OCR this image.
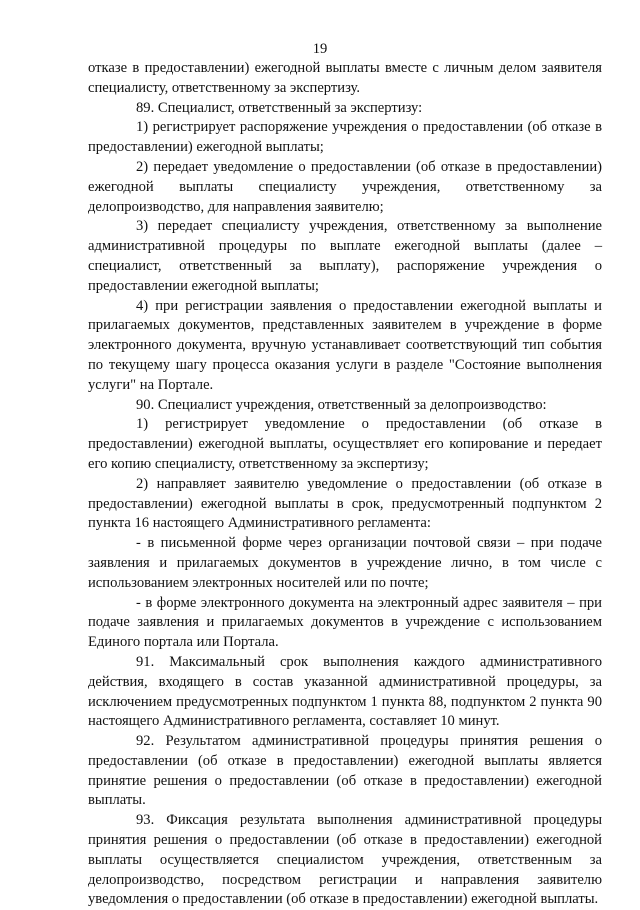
19

отказе в предоставлении) ежегодной выплаты вместе с личным делом заявителя специалисту, ответственному за экспертизу.

89. Специалист, ответственный за экспертизу:

1) регистрирует распоряжение учреждения о предоставлении (об отказе в предоставлении) ежегодной выплаты;

2) передает уведомление о предоставлении (об отказе в предоставлении) ежегодной выплаты специалисту учреждения, ответственному за делопроизводство, для направления заявителю;

3) передает специалисту учреждения, ответственному за выполнение административной процедуры по выплате ежегодной выплаты (далее – специалист, ответственный за выплату), распоряжение учреждения о предоставлении ежегодной выплаты;

4) при регистрации заявления о предоставлении ежегодной выплаты и прилагаемых документов, представленных заявителем в учреждение в форме электронного документа, вручную устанавливает соответствующий тип события по текущему шагу процесса оказания услуги в разделе "Состояние выполнения услуги" на Портале.

90. Специалист учреждения, ответственный за делопроизводство:

1) регистрирует уведомление о предоставлении (об отказе в предоставлении) ежегодной выплаты, осуществляет его копирование и передает его копию специалисту, ответственному за экспертизу;

2) направляет заявителю уведомление о предоставлении (об отказе в предоставлении) ежегодной выплаты в срок, предусмотренный подпунктом 2 пункта 16 настоящего Административного регламента:

- в письменной форме через организации почтовой связи – при подаче заявления и прилагаемых документов в учреждение лично, в том числе с использованием электронных носителей или по почте;

- в форме электронного документа на электронный адрес заявителя – при подаче заявления и прилагаемых документов в учреждение с использованием Единого портала или Портала.

91. Максимальный срок выполнения каждого административного действия, входящего в состав указанной административной процедуры, за исключением предусмотренных подпунктом 1 пункта 88, подпунктом 2 пункта 90 настоящего Административного регламента, составляет 10 минут.

92. Результатом административной процедуры принятия решения о предоставлении (об отказе в предоставлении) ежегодной выплаты является принятие решения о предоставлении (об отказе в предоставлении) ежегодной выплаты.

93. Фиксация результата выполнения административной процедуры принятия решения о предоставлении (об отказе в предоставлении) ежегодной выплаты осуществляется специалистом учреждения, ответственным за делопроизводство, посредством регистрации и направления заявителю уведомления о предоставлении (об отказе в предоставлении) ежегодной выплаты.
